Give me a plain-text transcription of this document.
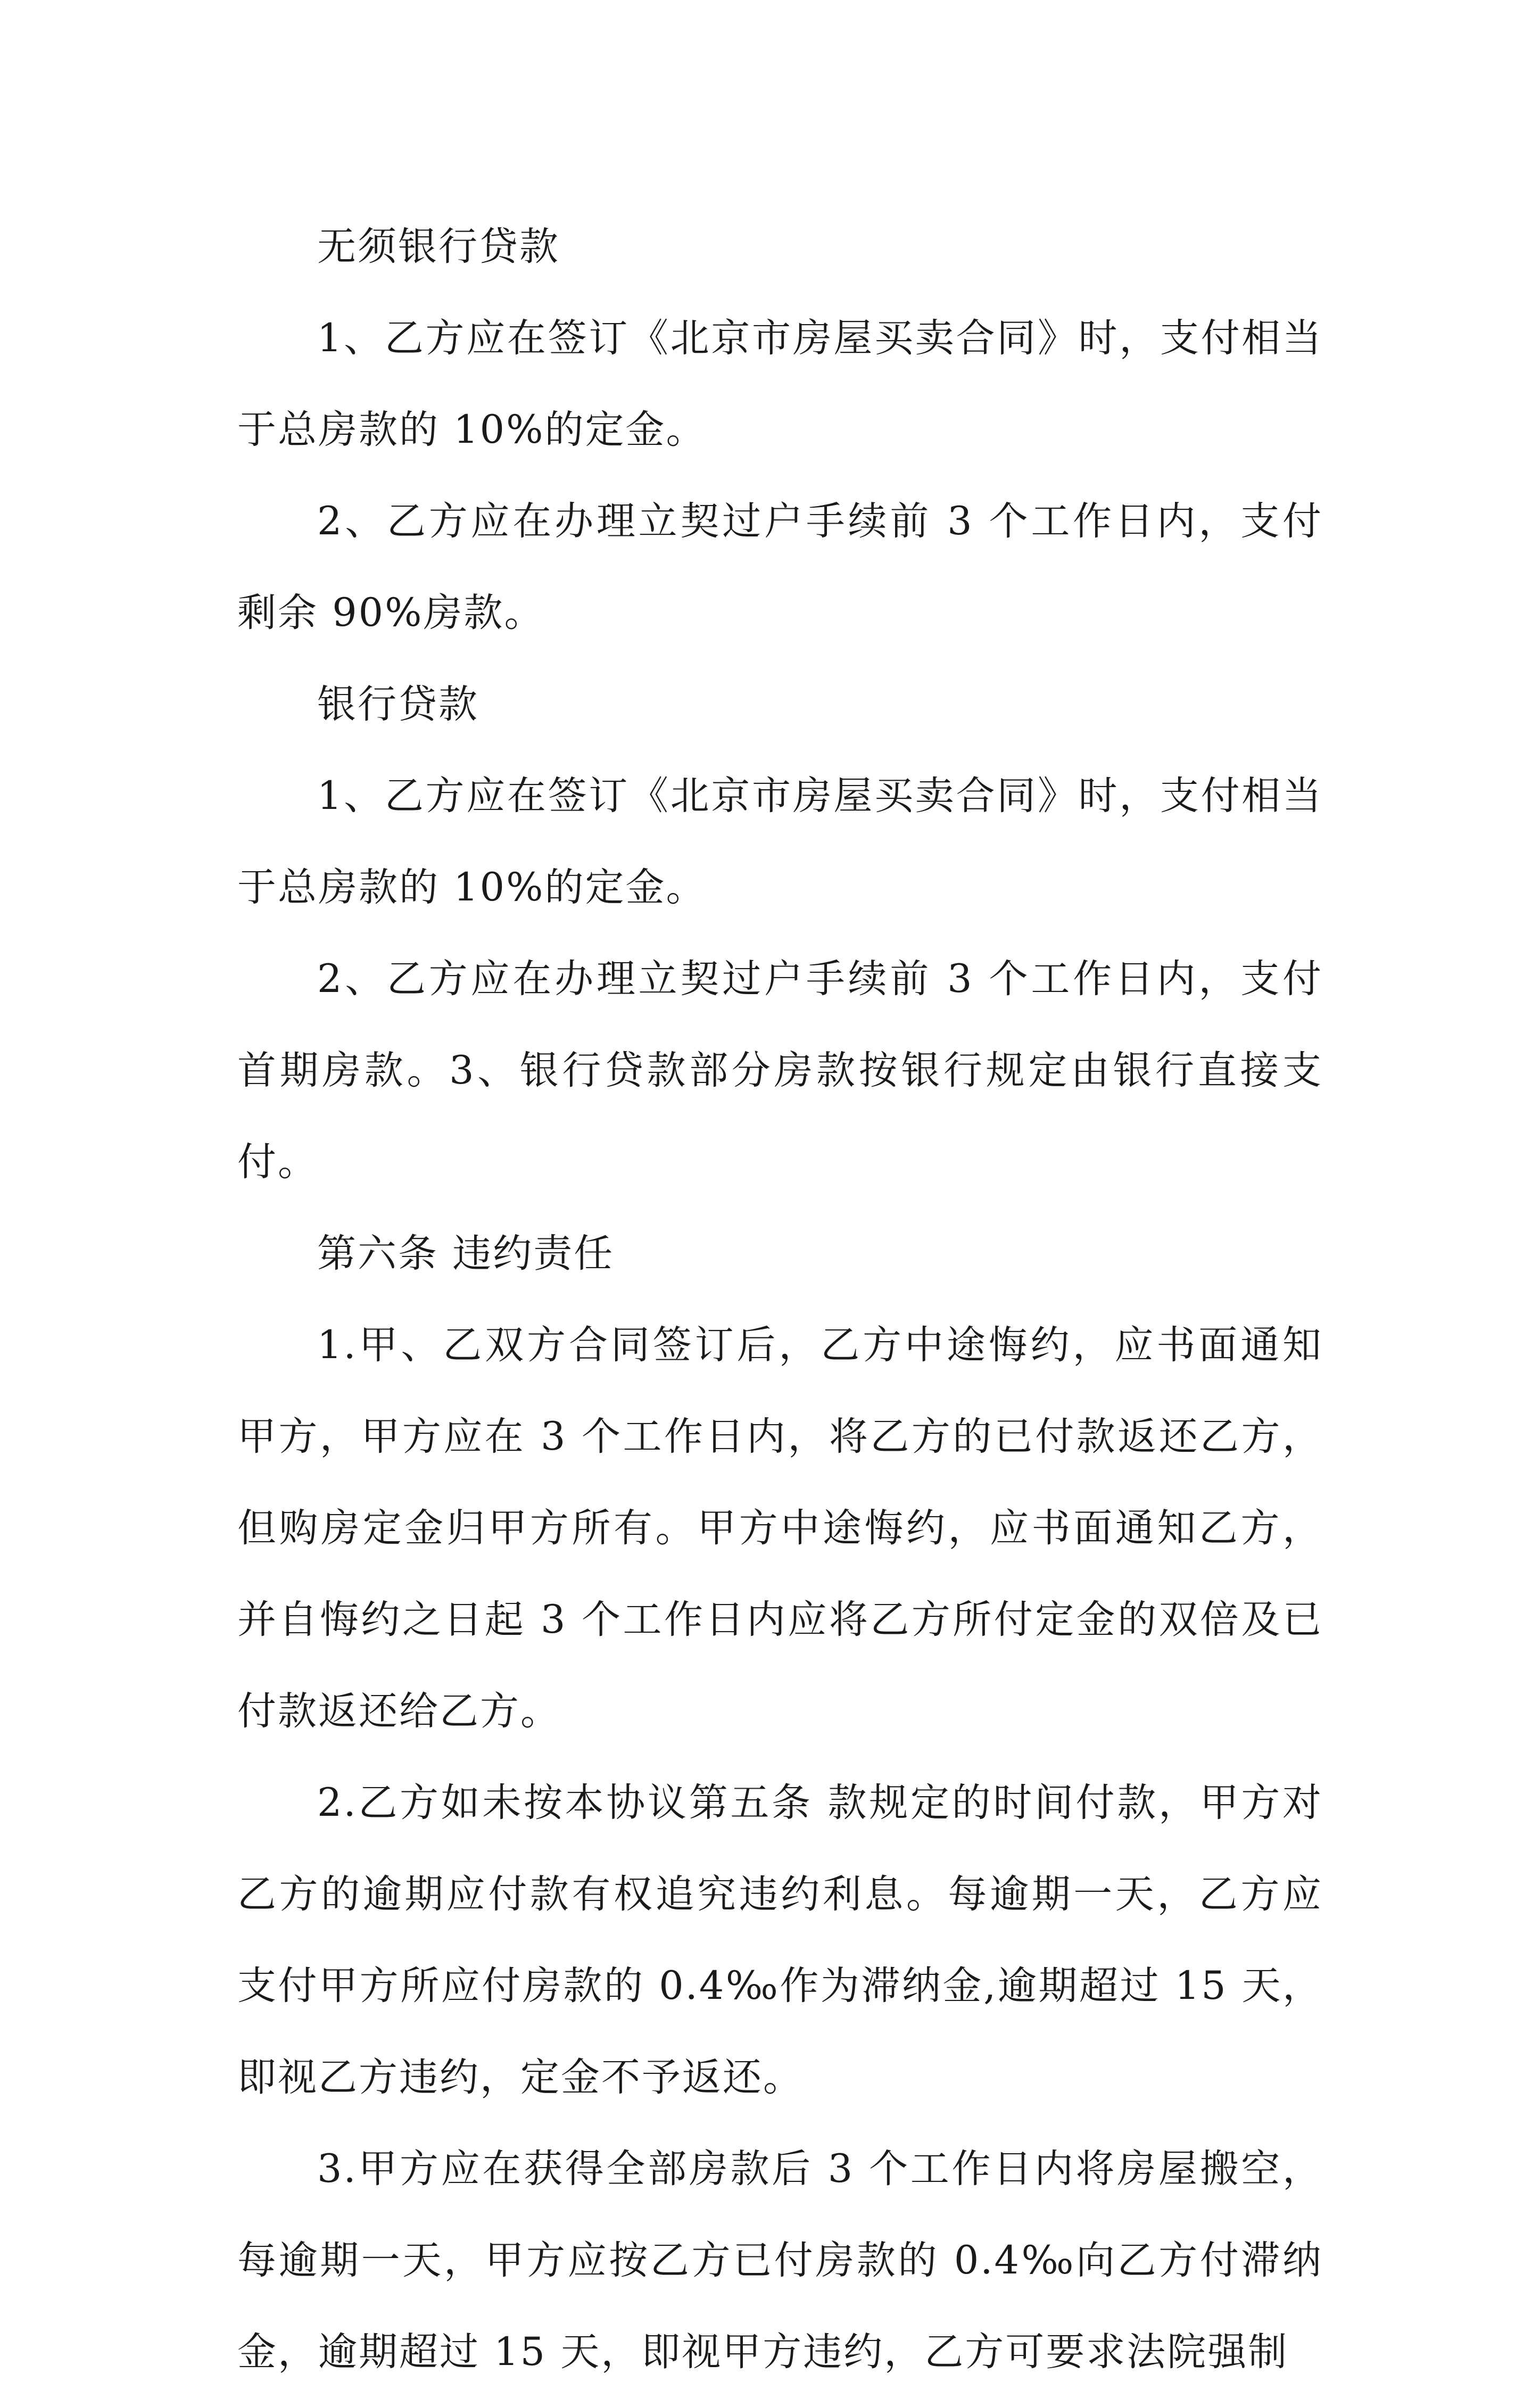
无须银行贷款

1、乙方应在签订《北京市房屋买卖合同》时，支付相当于总房款的 10%的定金。

2、乙方应在办理立契过户手续前 3 个工作日内，支付剩余 90%房款。

银行贷款

1、乙方应在签订《北京市房屋买卖合同》时，支付相当于总房款的 10%的定金。

2、乙方应在办理立契过户手续前 3 个工作日内，支付首期房款。3、银行贷款部分房款按银行规定由银行直接支付。

第六条 违约责任

1.甲、乙双方合同签订后，乙方中途悔约，应书面通知甲方，甲方应在 3 个工作日内，将乙方的已付款返还乙方，但购房定金归甲方所有。甲方中途悔约，应书面通知乙方，并自悔约之日起 3 个工作日内应将乙方所付定金的双倍及已付款返还给乙方。

2.乙方如未按本协议第五条 款规定的时间付款，甲方对乙方的逾期应付款有权追究违约利息。每逾期一天，乙方应支付甲方所应付房款的 0.4‰作为滞纳金,逾期超过 15 天，即视乙方违约，定金不予返还。

3.甲方应在获得全部房款后 3 个工作日内将房屋搬空，每逾期一天，甲方应按乙方已付房款的 0.4‰向乙方付滞纳金，逾期超过 15 天，即视甲方违约，乙方可要求法院强制
